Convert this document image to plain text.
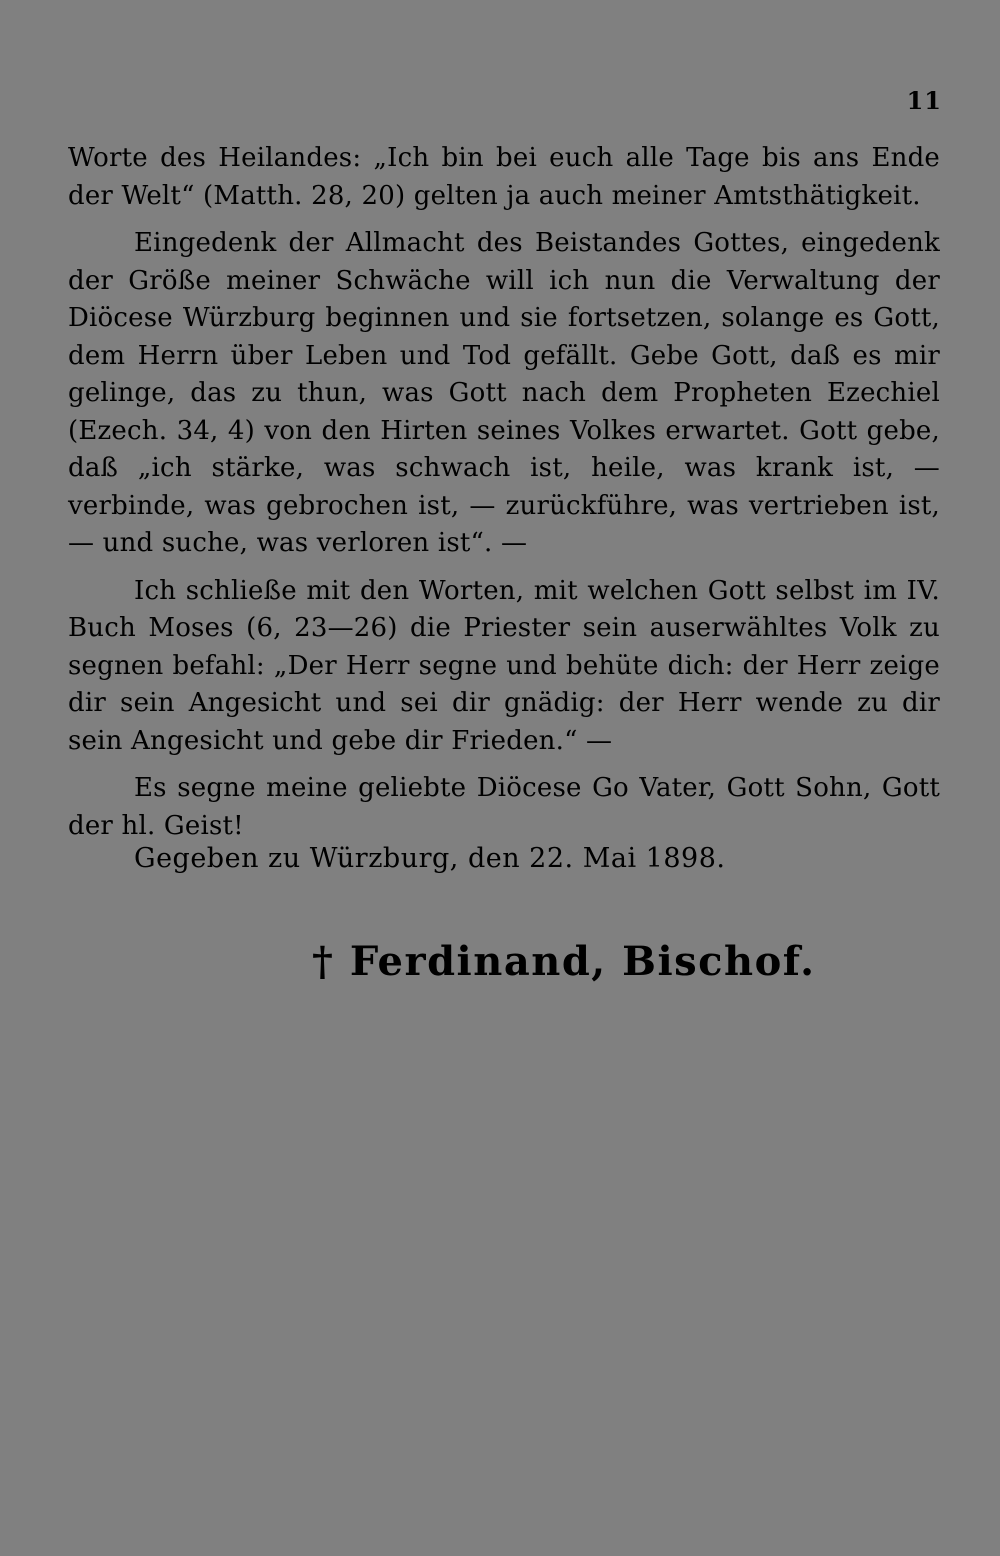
11

Worte des Heilandes: „Ich bin bei euch alle Tage bis ans Ende der Welt“ (Matth. 28, 20) gelten ja auch meiner Amtsthätigkeit.

Eingedenk der Allmacht des Beistandes Gottes, eingedenk der Größe meiner Schwäche will ich nun die Verwaltung der Diöcese Würzburg beginnen und sie fortsetzen, solange es Gott, dem Herrn über Leben und Tod gefällt. Gebe Gott, daß es mir gelinge, das zu thun, was Gott nach dem Propheten Ezechiel (Ezech. 34, 4) von den Hirten seines Volkes erwartet. Gott gebe, daß „ich stärke, was schwach ist, heile, was krank ist, — verbinde, was gebrochen ist, — zurückführe, was vertrieben ist, — und suche, was verloren ist“. —

Ich schließe mit den Worten, mit welchen Gott selbst im IV. Buch Moses (6, 23—26) die Priester sein auserwähltes Volk zu segnen befahl: „Der Herr segne und behüte dich: der Herr zeige dir sein Angesicht und sei dir gnädig: der Herr wende zu dir sein Angesicht und gebe dir Frieden.“ —

Es segne meine geliebte Diöcese Go Vater, Gott Sohn, Gott der hl. Geist!

Gegeben zu Würzburg, den 22. Mai 1898.
† Ferdinand, Bischof.
